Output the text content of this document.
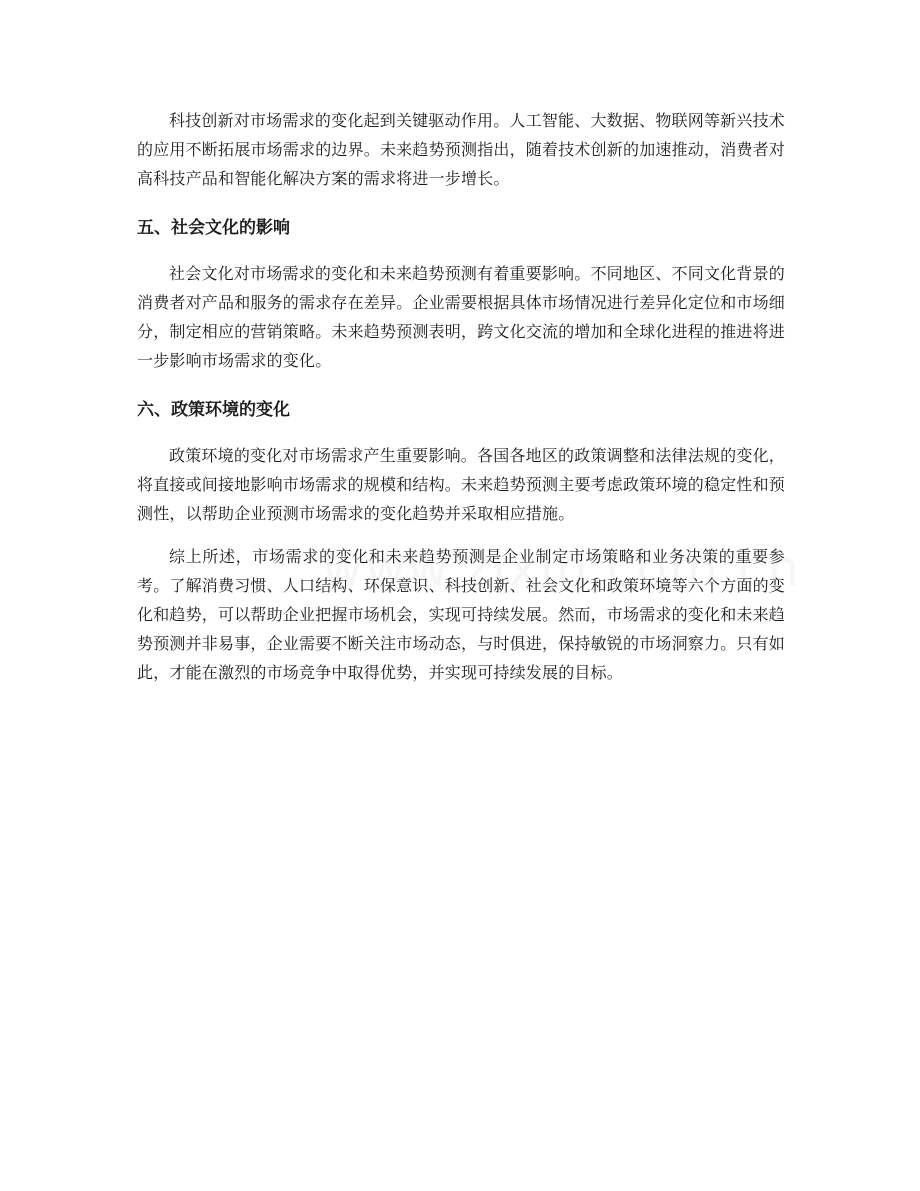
科技创新对市场需求的变化起到关键驱动作用。人工智能、大数据、物联网等新兴技术的应用不断拓展市场需求的边界。未来趋势预测指出，随着技术创新的加速推动，消费者对高科技产品和智能化解决方案的需求将进一步增长。

五、社会文化的影响

社会文化对市场需求的变化和未来趋势预测有着重要影响。不同地区、不同文化背景的消费者对产品和服务的需求存在差异。企业需要根据具体市场情况进行差异化定位和市场细分，制定相应的营销策略。未来趋势预测表明，跨文化交流的增加和全球化进程的推进将进一步影响市场需求的变化。

六、政策环境的变化

政策环境的变化对市场需求产生重要影响。各国各地区的政策调整和法律法规的变化，将直接或间接地影响市场需求的规模和结构。未来趋势预测主要考虑政策环境的稳定性和预测性，以帮助企业预测市场需求的变化趋势并采取相应措施。

综上所述，市场需求的变化和未来趋势预测是企业制定市场策略和业务决策的重要参考。了解消费习惯、人口结构、环保意识、科技创新、社会文化和政策环境等六个方面的变化和趋势，可以帮助企业把握市场机会，实现可持续发展。然而，市场需求的变化和未来趋势预测并非易事，企业需要不断关注市场动态，与时俱进，保持敏锐的市场洞察力。只有如此，才能在激烈的市场竞争中取得优势，并实现可持续发展的目标。
